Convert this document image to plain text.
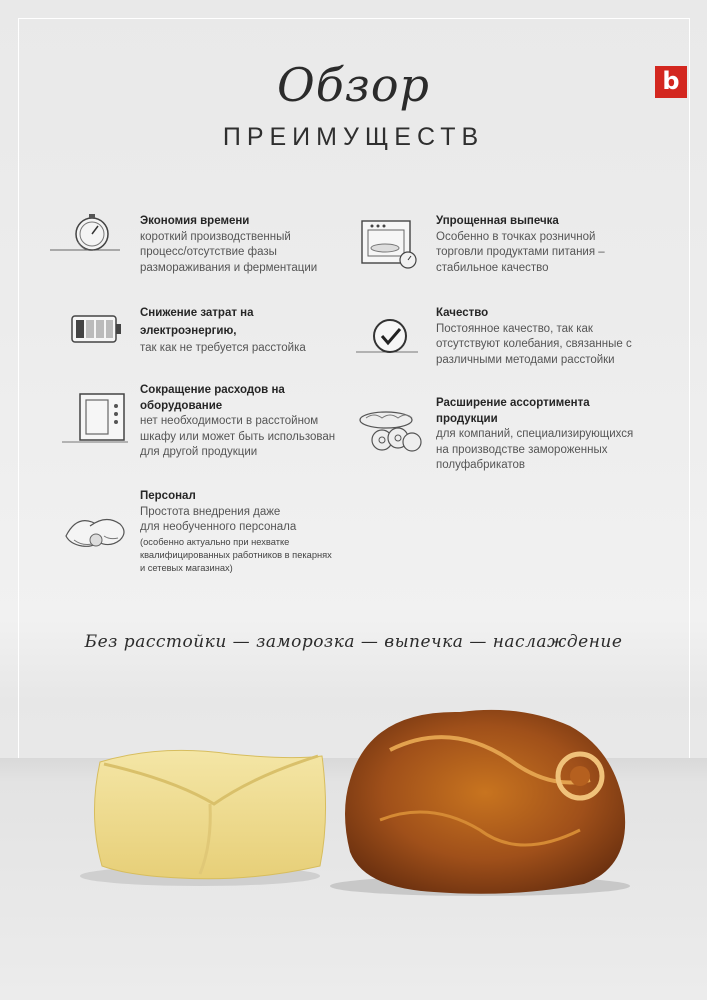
b
Обзор
ПРЕИМУЩЕСТВ
Экономия времени
короткий производственный
процесс/отсутствие фазы
размораживания и ферментации
Упрощенная выпечка
Особенно в точках розничной
торговли продуктами питания –
стабильное качество
Снижение затрат на
электроэнергию,
так как не требуется расстойка
Качество
Постоянное качество, так как
отсутствуют колебания, связанные с
различными методами расстойки
Сокращение расходов на
оборудование
нет необходимости в расстойном
шкафу или может быть использован
для другой продукции
Расширение ассортимента
продукции
для компаний, специализирующихся
на производстве замороженных
полуфабрикатов
Персонал
Простота внедрения даже
для необученного персонала
(особенно актуально при нехватке
квалифицированных работников в пекарнях
и сетевых магазинах)
Без расстойки — заморозка — выпечка — наслаждение
